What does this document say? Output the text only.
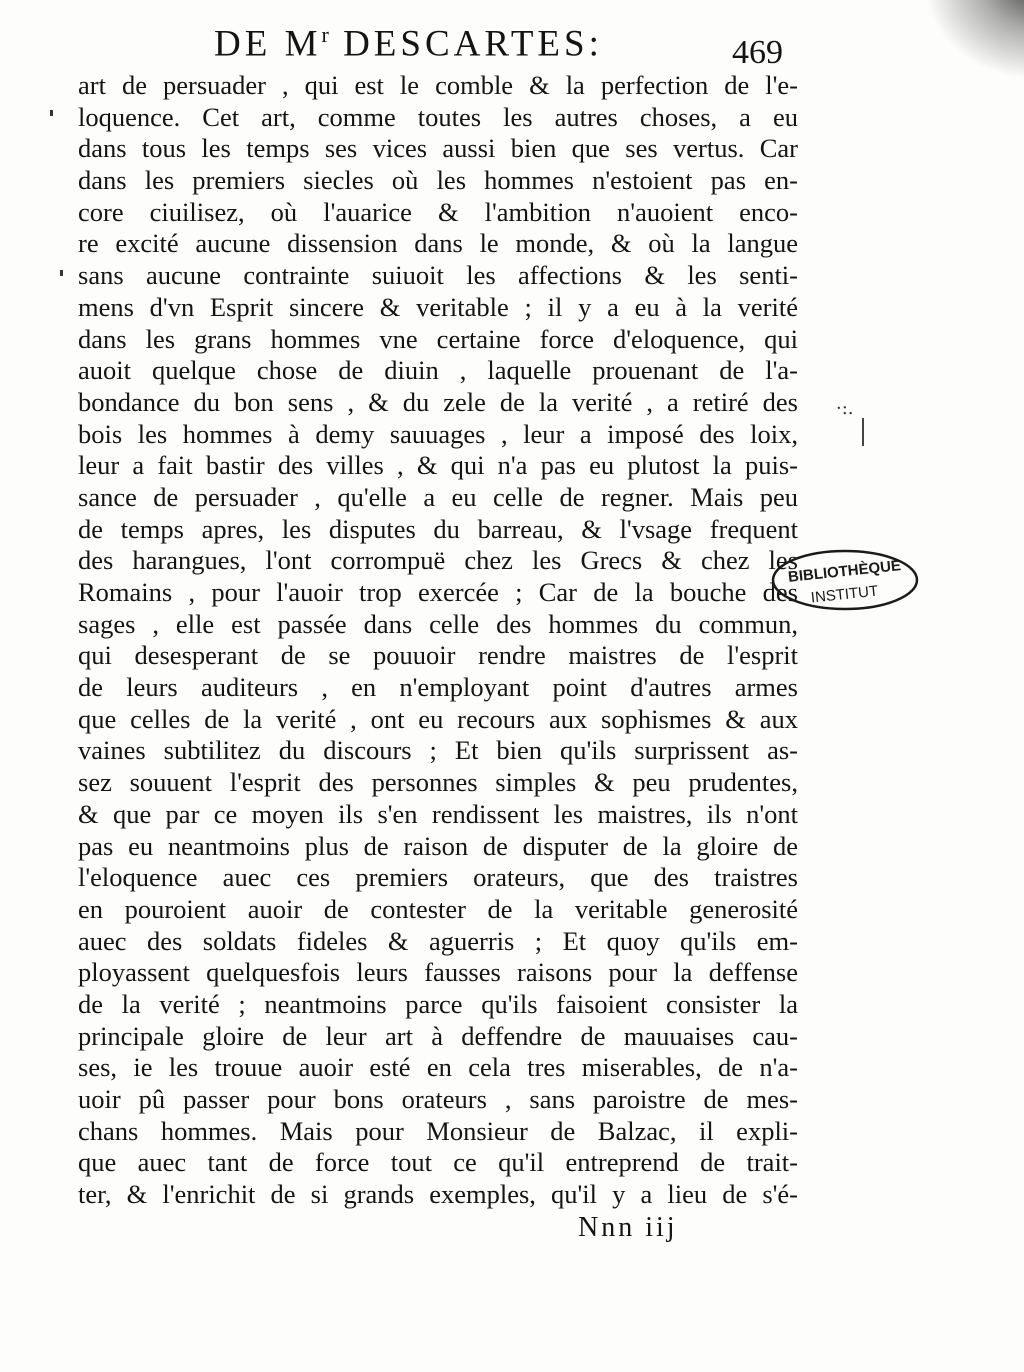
DE $M^r$ DESCARTES:	469
art de persuader , qui est le comble & la perfection de l'e-
loquence. Cet art, comme toutes les autres choses, a eu
dans tous les temps ses vices aussi bien que ses vertus. Car
dans les premiers siecles où les hommes n'estoient pas en-
core ciuilisez, où l'auarice & l'ambition n'auoient enco-
re excité aucune dissension dans le monde, & où la langue
sans aucune contrainte suiuoit les affections & les senti-
mens d'vn Esprit sincere & veritable ; il y a eu à la verité
dans les grans hommes vne certaine force d'eloquence, qui
auoit quelque chose de diuin , laquelle prouenant de l'a-
bondance du bon sens , & du zele de la verité , a retiré des
bois les hommes à demy sauuages , leur a imposé des loix,
leur a fait bastir des villes , & qui n'a pas eu plutost la puis-
sance de persuader , qu'elle a eu celle de regner. Mais peu
de temps apres, les disputes du barreau, & l'vsage frequent
des harangues, l'ont corrompuë chez les Grecs & chez les
Romains , pour l'auoir trop exercée ; Car de la bouche des
sages , elle est passée dans celle des hommes du commun,
qui desesperant de se pouuoir rendre maistres de l'esprit
de leurs auditeurs , en n'employant point d'autres armes
que celles de la verité , ont eu recours aux sophismes & aux
vaines subtilitez du discours ; Et bien qu'ils surprissent as-
sez souuent l'esprit des personnes simples & peu prudentes,
& que par ce moyen ils s'en rendissent les maistres, ils n'ont
pas eu neantmoins plus de raison de disputer de la gloire de
l'eloquence auec ces premiers orateurs, que des traistres
en pouroient auoir de contester de la veritable generosité
auec des soldats fideles & aguerris ; Et quoy qu'ils em-
ployassent quelquesfois leurs fausses raisons pour la deffense
de la verité ; neantmoins parce qu'ils faisoient consister la
principale gloire de leur art à deffendre de mauuaises cau-
ses, ie les trouue auoir esté en cela tres miserables, de n'a-
uoir pû passer pour bons orateurs , sans paroistre de mes-
chans hommes. Mais pour Monsieur de Balzac, il expli-
que auec tant de force tout ce qu'il entreprend de trait-
ter, & l'enrichit de si grands exemples, qu'il y a lieu de s'é-
·:.
BIBLIOTHÈQUE
INSTITUT
Nnn iij
